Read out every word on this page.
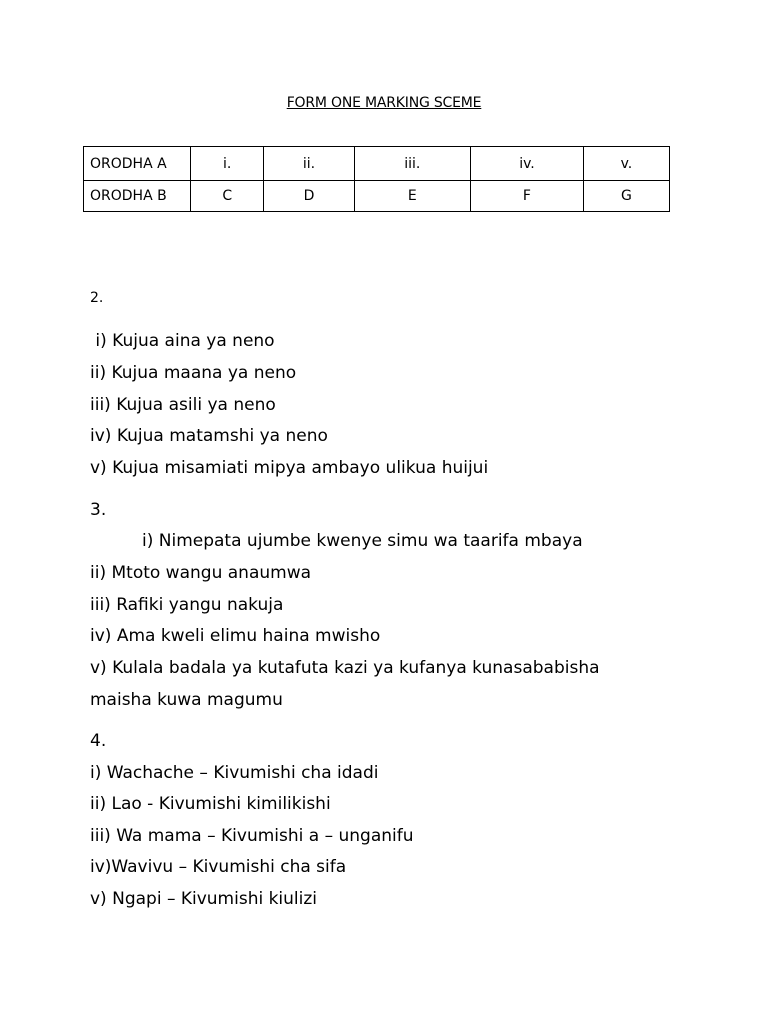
FORM ONE MARKING SCEME
ORODHA A	i.	ii.	iii.	iv.	v.
ORODHA B	C	D	E	F	G
2.
i) Kujua aina ya neno
ii) Kujua maana ya neno
iii) Kujua asili ya neno
iv) Kujua matamshi ya neno
v) Kujua misamiati mipya ambayo ulikua huijui
3.
i) Nimepata ujumbe kwenye simu wa taarifa mbaya
ii) Mtoto wangu anaumwa
iii) Rafiki yangu nakuja
iv) Ama kweli elimu haina mwisho
v) Kulala badala ya kutafuta kazi ya kufanya kunasababisha
maisha kuwa magumu
4.
i) Wachache – Kivumishi cha idadi
ii) Lao - Kivumishi kimilikishi
iii) Wa mama – Kivumishi a – unganifu
iv)Wavivu – Kivumishi cha sifa
v) Ngapi – Kivumishi kiulizi
